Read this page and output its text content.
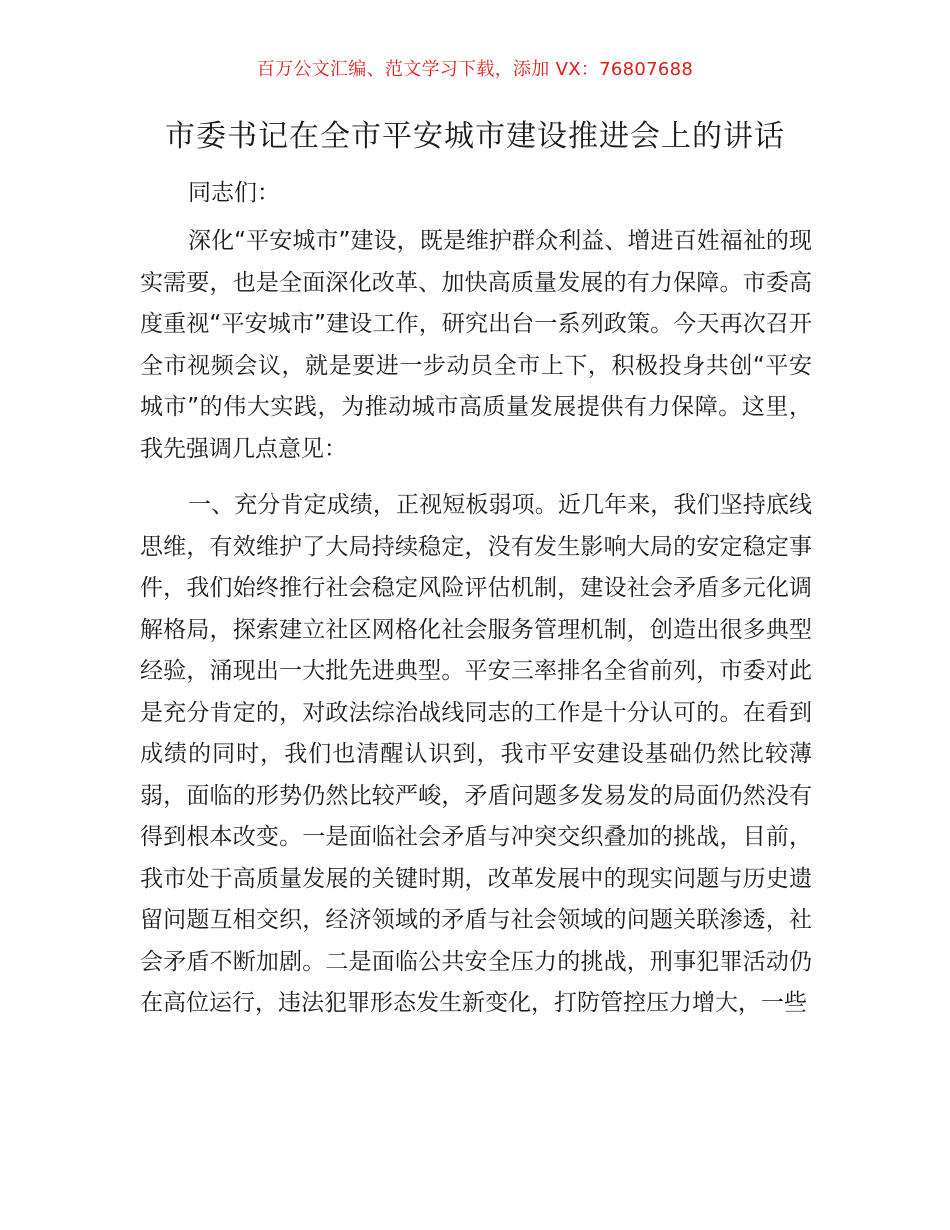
百万公文汇编、范文学习下载，添加 VX：76807688
市委书记在全市平安城市建设推进会上的讲话

同志们：

深化“平安城市”建设，既是维护群众利益、增进百姓福祉的现实需要，也是全面深化改革、加快高质量发展的有力保障。市委高度重视“平安城市”建设工作，研究出台一系列政策。今天再次召开全市视频会议，就是要进一步动员全市上下，积极投身共创“平安城市”的伟大实践，为推动城市高质量发展提供有力保障。这里，我先强调几点意见：

一、充分肯定成绩，正视短板弱项。近几年来，我们坚持底线思维，有效维护了大局持续稳定，没有发生影响大局的安定稳定事件，我们始终推行社会稳定风险评估机制，建设社会矛盾多元化调解格局，探索建立社区网格化社会服务管理机制，创造出很多典型经验，涌现出一大批先进典型。平安三率排名全省前列，市委对此是充分肯定的，对政法综治战线同志的工作是十分认可的。在看到成绩的同时，我们也清醒认识到，我市平安建设基础仍然比较薄弱，面临的形势仍然比较严峻，矛盾问题多发易发的局面仍然没有得到根本改变。一是面临社会矛盾与冲突交织叠加的挑战，目前，我市处于高质量发展的关键时期，改革发展中的现实问题与历史遗留问题互相交织，经济领域的矛盾与社会领域的问题关联渗透，社会矛盾不断加剧。二是面临公共安全压力的挑战，刑事犯罪活动仍在高位运行，违法犯罪形态发生新变化，打防管控压力增大，一些
